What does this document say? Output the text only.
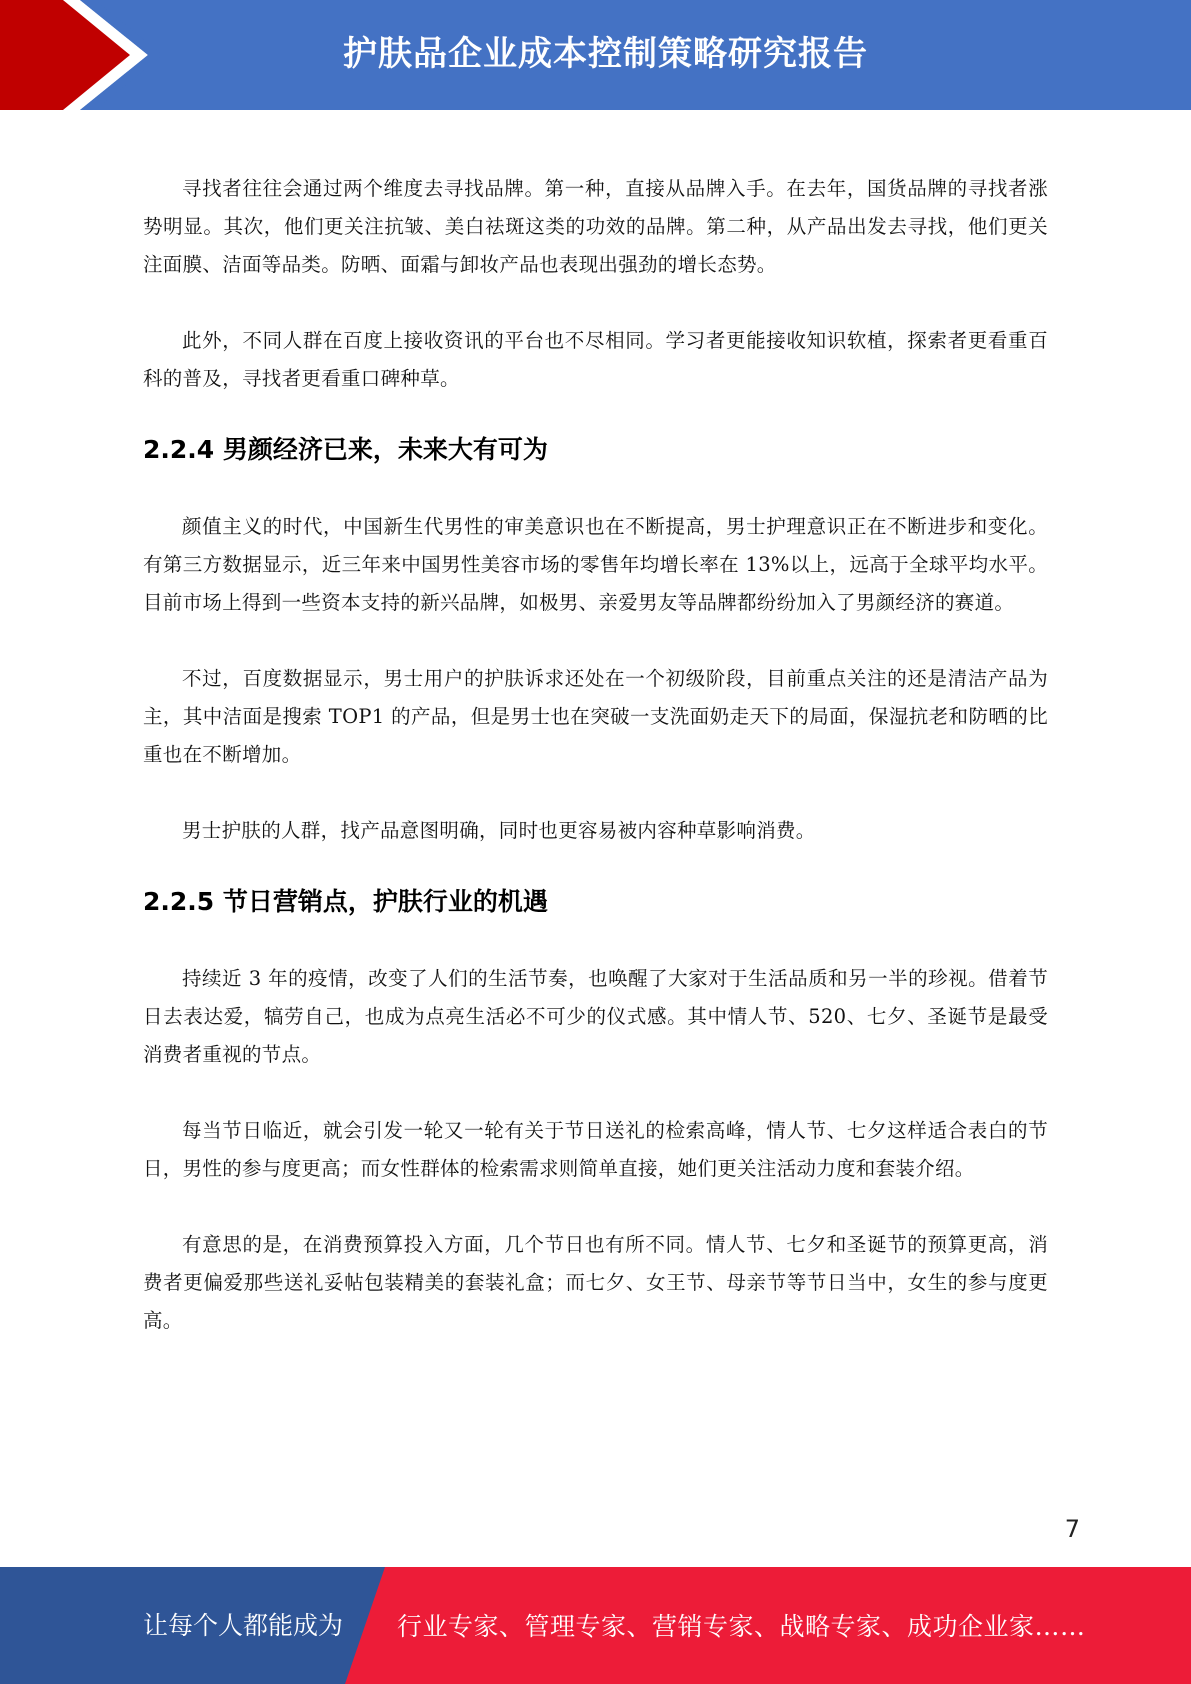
护肤品企业成本控制策略研究报告

寻找者往往会通过两个维度去寻找品牌。第一种，直接从品牌入手。在去年，国货品牌的寻找者涨势明显。其次，他们更关注抗皱、美白祛斑这类的功效的品牌。第二种，从产品出发去寻找，他们更关注面膜、洁面等品类。防晒、面霜与卸妆产品也表现出强劲的增长态势。

此外，不同人群在百度上接收资讯的平台也不尽相同。学习者更能接收知识软植，探索者更看重百科的普及，寻找者更看重口碑种草。

2.2.4 男颜经济已来，未来大有可为

颜值主义的时代，中国新生代男性的审美意识也在不断提高，男士护理意识正在不断进步和变化。有第三方数据显示，近三年来中国男性美容市场的零售年均增长率在 13%以上，远高于全球平均水平。目前市场上得到一些资本支持的新兴品牌，如极男、亲爱男友等品牌都纷纷加入了男颜经济的赛道。

不过，百度数据显示，男士用户的护肤诉求还处在一个初级阶段，目前重点关注的还是清洁产品为主，其中洁面是搜索 TOP1 的产品，但是男士也在突破一支洗面奶走天下的局面，保湿抗老和防晒的比重也在不断增加。

男士护肤的人群，找产品意图明确，同时也更容易被内容种草影响消费。

2.2.5 节日营销点，护肤行业的机遇

持续近 3 年的疫情，改变了人们的生活节奏，也唤醒了大家对于生活品质和另一半的珍视。借着节日去表达爱，犒劳自己，也成为点亮生活必不可少的仪式感。其中情人节、520、七夕、圣诞节是最受消费者重视的节点。

每当节日临近，就会引发一轮又一轮有关于节日送礼的检索高峰，情人节、七夕这样适合表白的节日，男性的参与度更高；而女性群体的检索需求则简单直接，她们更关注活动力度和套装介绍。

有意思的是，在消费预算投入方面，几个节日也有所不同。情人节、七夕和圣诞节的预算更高，消费者更偏爱那些送礼妥帖包装精美的套装礼盒；而七夕、女王节、母亲节等节日当中，女生的参与度更高。

7
让每个人都能成为 行业专家、管理专家、营销专家、战略专家、成功企业家……
